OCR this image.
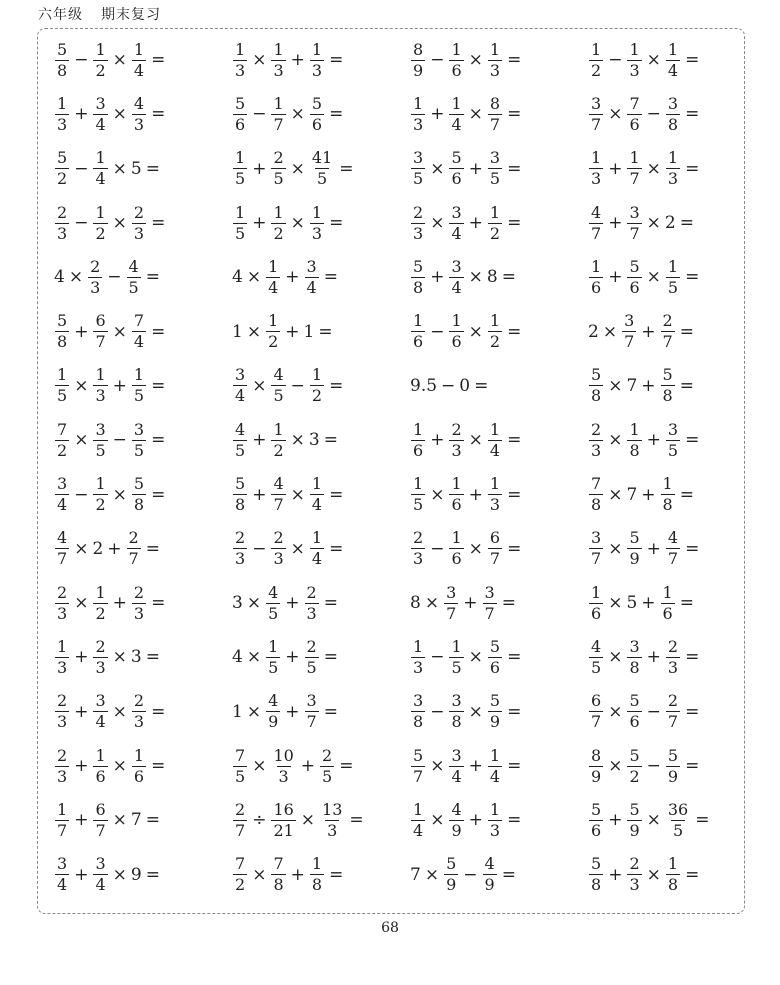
六年级 期末复习
$\frac{5}{8} - \frac{1}{2} \times \frac{1}{4}$ =	$\frac{1}{3} \times \frac{1}{3} + \frac{1}{3}$ =	$\frac{8}{9} - \frac{1}{6} \times \frac{1}{3}$ =	$\frac{1}{2} - \frac{1}{3} \times \frac{1}{4}$ =
$\frac{1}{3} + \frac{3}{4} \times \frac{4}{3}$ =	$\frac{5}{6} - \frac{1}{7} \times \frac{5}{6}$ =	$\frac{1}{3} + \frac{1}{4} \times \frac{8}{7}$ =	$\frac{3}{7} \times \frac{7}{6} - \frac{3}{8}$ =
$\frac{5}{2} - \frac{1}{4} \times 5$ =	$\frac{1}{5} + \frac{2}{5} \times \frac{41}{5}$ =	$\frac{3}{5} \times \frac{5}{6} + \frac{3}{5}$ =	$\frac{1}{3} + \frac{1}{7} \times \frac{1}{3}$ =
$\frac{2}{3} - \frac{1}{2} \times \frac{2}{3}$ =	$\frac{1}{5} + \frac{1}{2} \times \frac{1}{3}$ =	$\frac{2}{3} \times \frac{3}{4} + \frac{1}{2}$ =	$\frac{4}{7} + \frac{3}{7} \times 2$ =
$4 \times \frac{2}{3} - \frac{4}{5}$ =	$4 \times \frac{1}{4} + \frac{3}{4}$ =	$\frac{5}{8} + \frac{3}{4} \times 8$ =	$\frac{1}{6} + \frac{5}{6} \times \frac{1}{5}$ =
$\frac{5}{8} + \frac{6}{7} \times \frac{7}{4}$ =	$1 \times \frac{1}{2} + 1$ =	$\frac{1}{6} - \frac{1}{6} \times \frac{1}{2}$ =	$2 \times \frac{3}{7} + \frac{2}{7}$ =
$\frac{1}{5} \times \frac{1}{3} + \frac{1}{5}$ =	$\frac{3}{4} \times \frac{4}{5} - \frac{1}{2}$ =	9.5 − 0 =	$\frac{5}{8} \times 7 + \frac{5}{8}$ =
$\frac{7}{2} \times \frac{3}{5} - \frac{3}{5}$ =	$\frac{4}{5} + \frac{1}{2} \times 3$ =	$\frac{1}{6} + \frac{2}{3} \times \frac{1}{4}$ =	$\frac{2}{3} \times \frac{1}{8} + \frac{3}{5}$ =
$\frac{3}{4} - \frac{1}{2} \times \frac{5}{8}$ =	$\frac{5}{8} + \frac{4}{7} \times \frac{1}{4}$ =	$\frac{1}{5} \times \frac{1}{6} + \frac{1}{3}$ =	$\frac{7}{8} \times 7 + \frac{1}{8}$ =
$\frac{4}{7} \times 2 + \frac{2}{7}$ =	$\frac{2}{3} - \frac{2}{3} \times \frac{1}{4}$ =	$\frac{2}{3} - \frac{1}{6} \times \frac{6}{7}$ =	$\frac{3}{7} \times \frac{5}{9} + \frac{4}{7}$ =
$\frac{2}{3} \times \frac{1}{2} + \frac{2}{3}$ =	$3 \times \frac{4}{5} + \frac{2}{3}$ =	$8 \times \frac{3}{7} + \frac{3}{7}$ =	$\frac{1}{6} \times 5 + \frac{1}{6}$ =
$\frac{1}{3} + \frac{2}{3} \times 3$ =	$4 \times \frac{1}{5} + \frac{2}{5}$ =	$\frac{1}{3} - \frac{1}{5} \times \frac{5}{6}$ =	$\frac{4}{5} \times \frac{3}{8} + \frac{2}{3}$ =
$\frac{2}{3} + \frac{3}{4} \times \frac{2}{3}$ =	$1 \times \frac{4}{9} + \frac{3}{7}$ =	$\frac{3}{8} - \frac{3}{8} \times \frac{5}{9}$ =	$\frac{6}{7} \times \frac{5}{6} - \frac{2}{7}$ =
$\frac{2}{3} + \frac{1}{6} \times \frac{1}{6}$ =	$\frac{7}{5} \times \frac{10}{3} + \frac{2}{5}$ =	$\frac{5}{7} \times \frac{3}{4} + \frac{1}{4}$ =	$\frac{8}{9} \times \frac{5}{2} - \frac{5}{9}$ =
$\frac{1}{7} + \frac{6}{7} \times 7$ =	$\frac{2}{7} \div \frac{16}{21} \times \frac{13}{3}$ =	$\frac{1}{4} \times \frac{4}{9} + \frac{1}{3}$ =	$\frac{5}{6} + \frac{5}{9} \times \frac{36}{5}$ =
$\frac{3}{4} + \frac{3}{4} \times 9$ =	$\frac{7}{2} \times \frac{7}{8} + \frac{1}{8}$ =	$7 \times \frac{5}{9} - \frac{4}{9}$ =	$\frac{5}{8} + \frac{2}{3} \times \frac{1}{8}$ =
68
